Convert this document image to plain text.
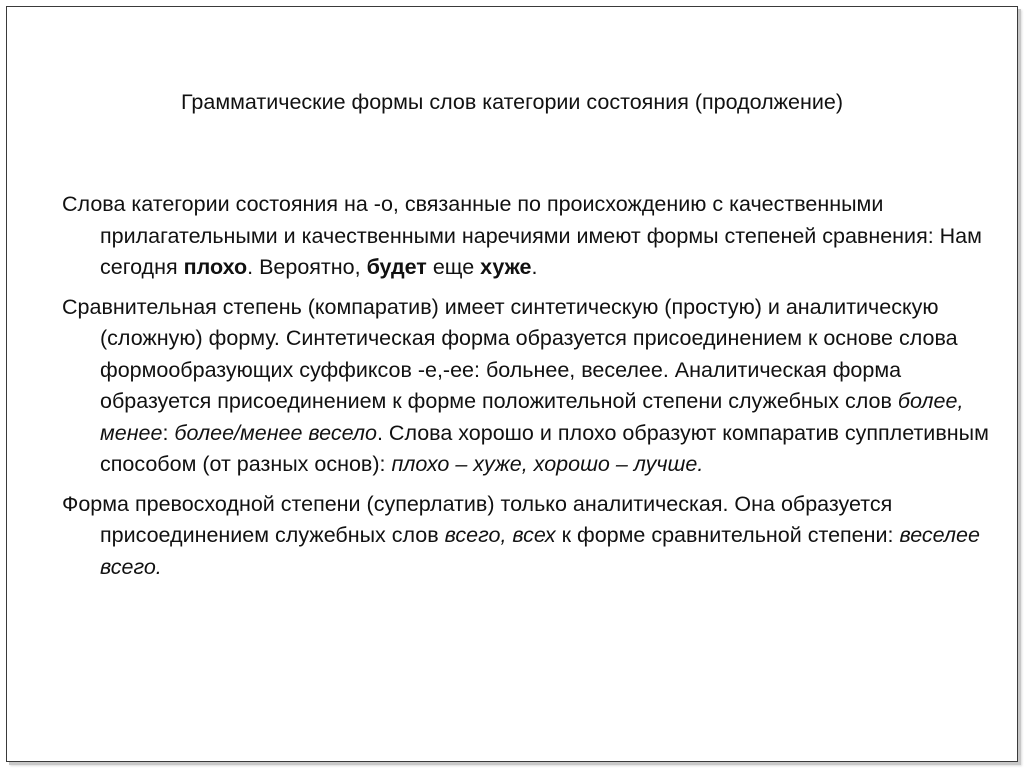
Грамматические формы слов категории состояния (продолжение)

Слова категории состояния на -о, связанные по происхождению с качественными прилагательными и качественными наречиями имеют формы степеней сравнения: Нам сегодня плохо. Вероятно, будет еще хуже.

Сравнительная степень (компаратив) имеет синтетическую (простую) и аналитическую (сложную) форму. Синтетическая форма образуется присоединением к основе слова формообразующих суффиксов -е,-ее: больнее, веселее. Аналитическая форма образуется присоединением к форме положительной степени служебных слов более, менее: более/менее весело. Слова хорошо и плохо образуют компаратив супплетивным способом (от разных основ): плохо – хуже, хорошо – лучше.

Форма превосходной степени (суперлатив) только аналитическая. Она образуется присоединением служебных слов всего, всех к форме сравнительной степени: веселее всего.
